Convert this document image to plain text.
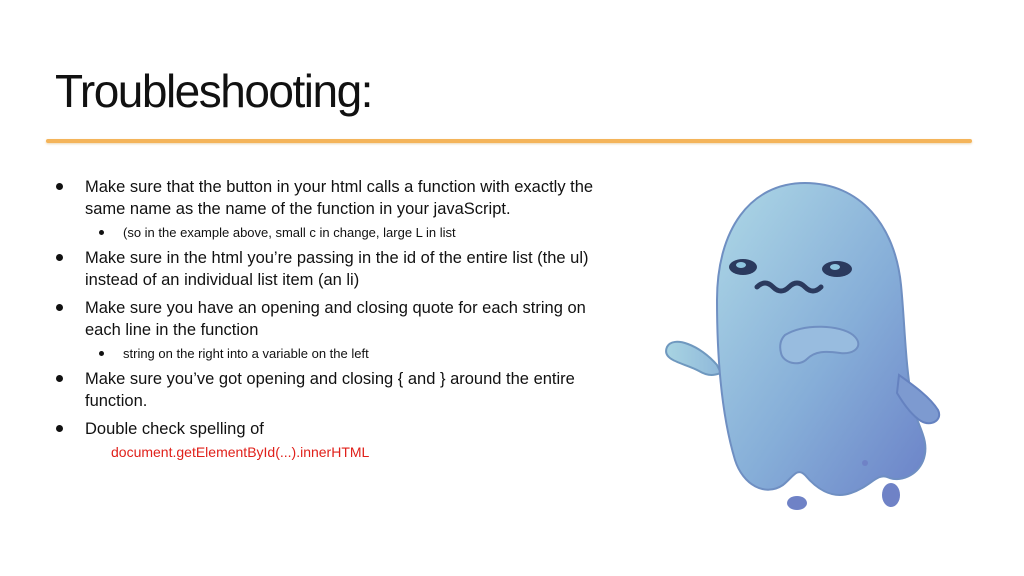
Troubleshooting:
Make sure that the button in your html calls a function with exactly the same name as the name of the function in your javaScript.
(so in the example above, small c in change, large L in list
Make sure in the html you’re passing in the id of the entire list (the ul) instead of an individual list item (an li)
Make sure you have an opening and closing quote for each string on each line in the function
string on the right into a variable on the left
Make sure you’ve got opening and closing { and } around the entire function.
Double check spelling of
document.getElementById(...).innerHTML
